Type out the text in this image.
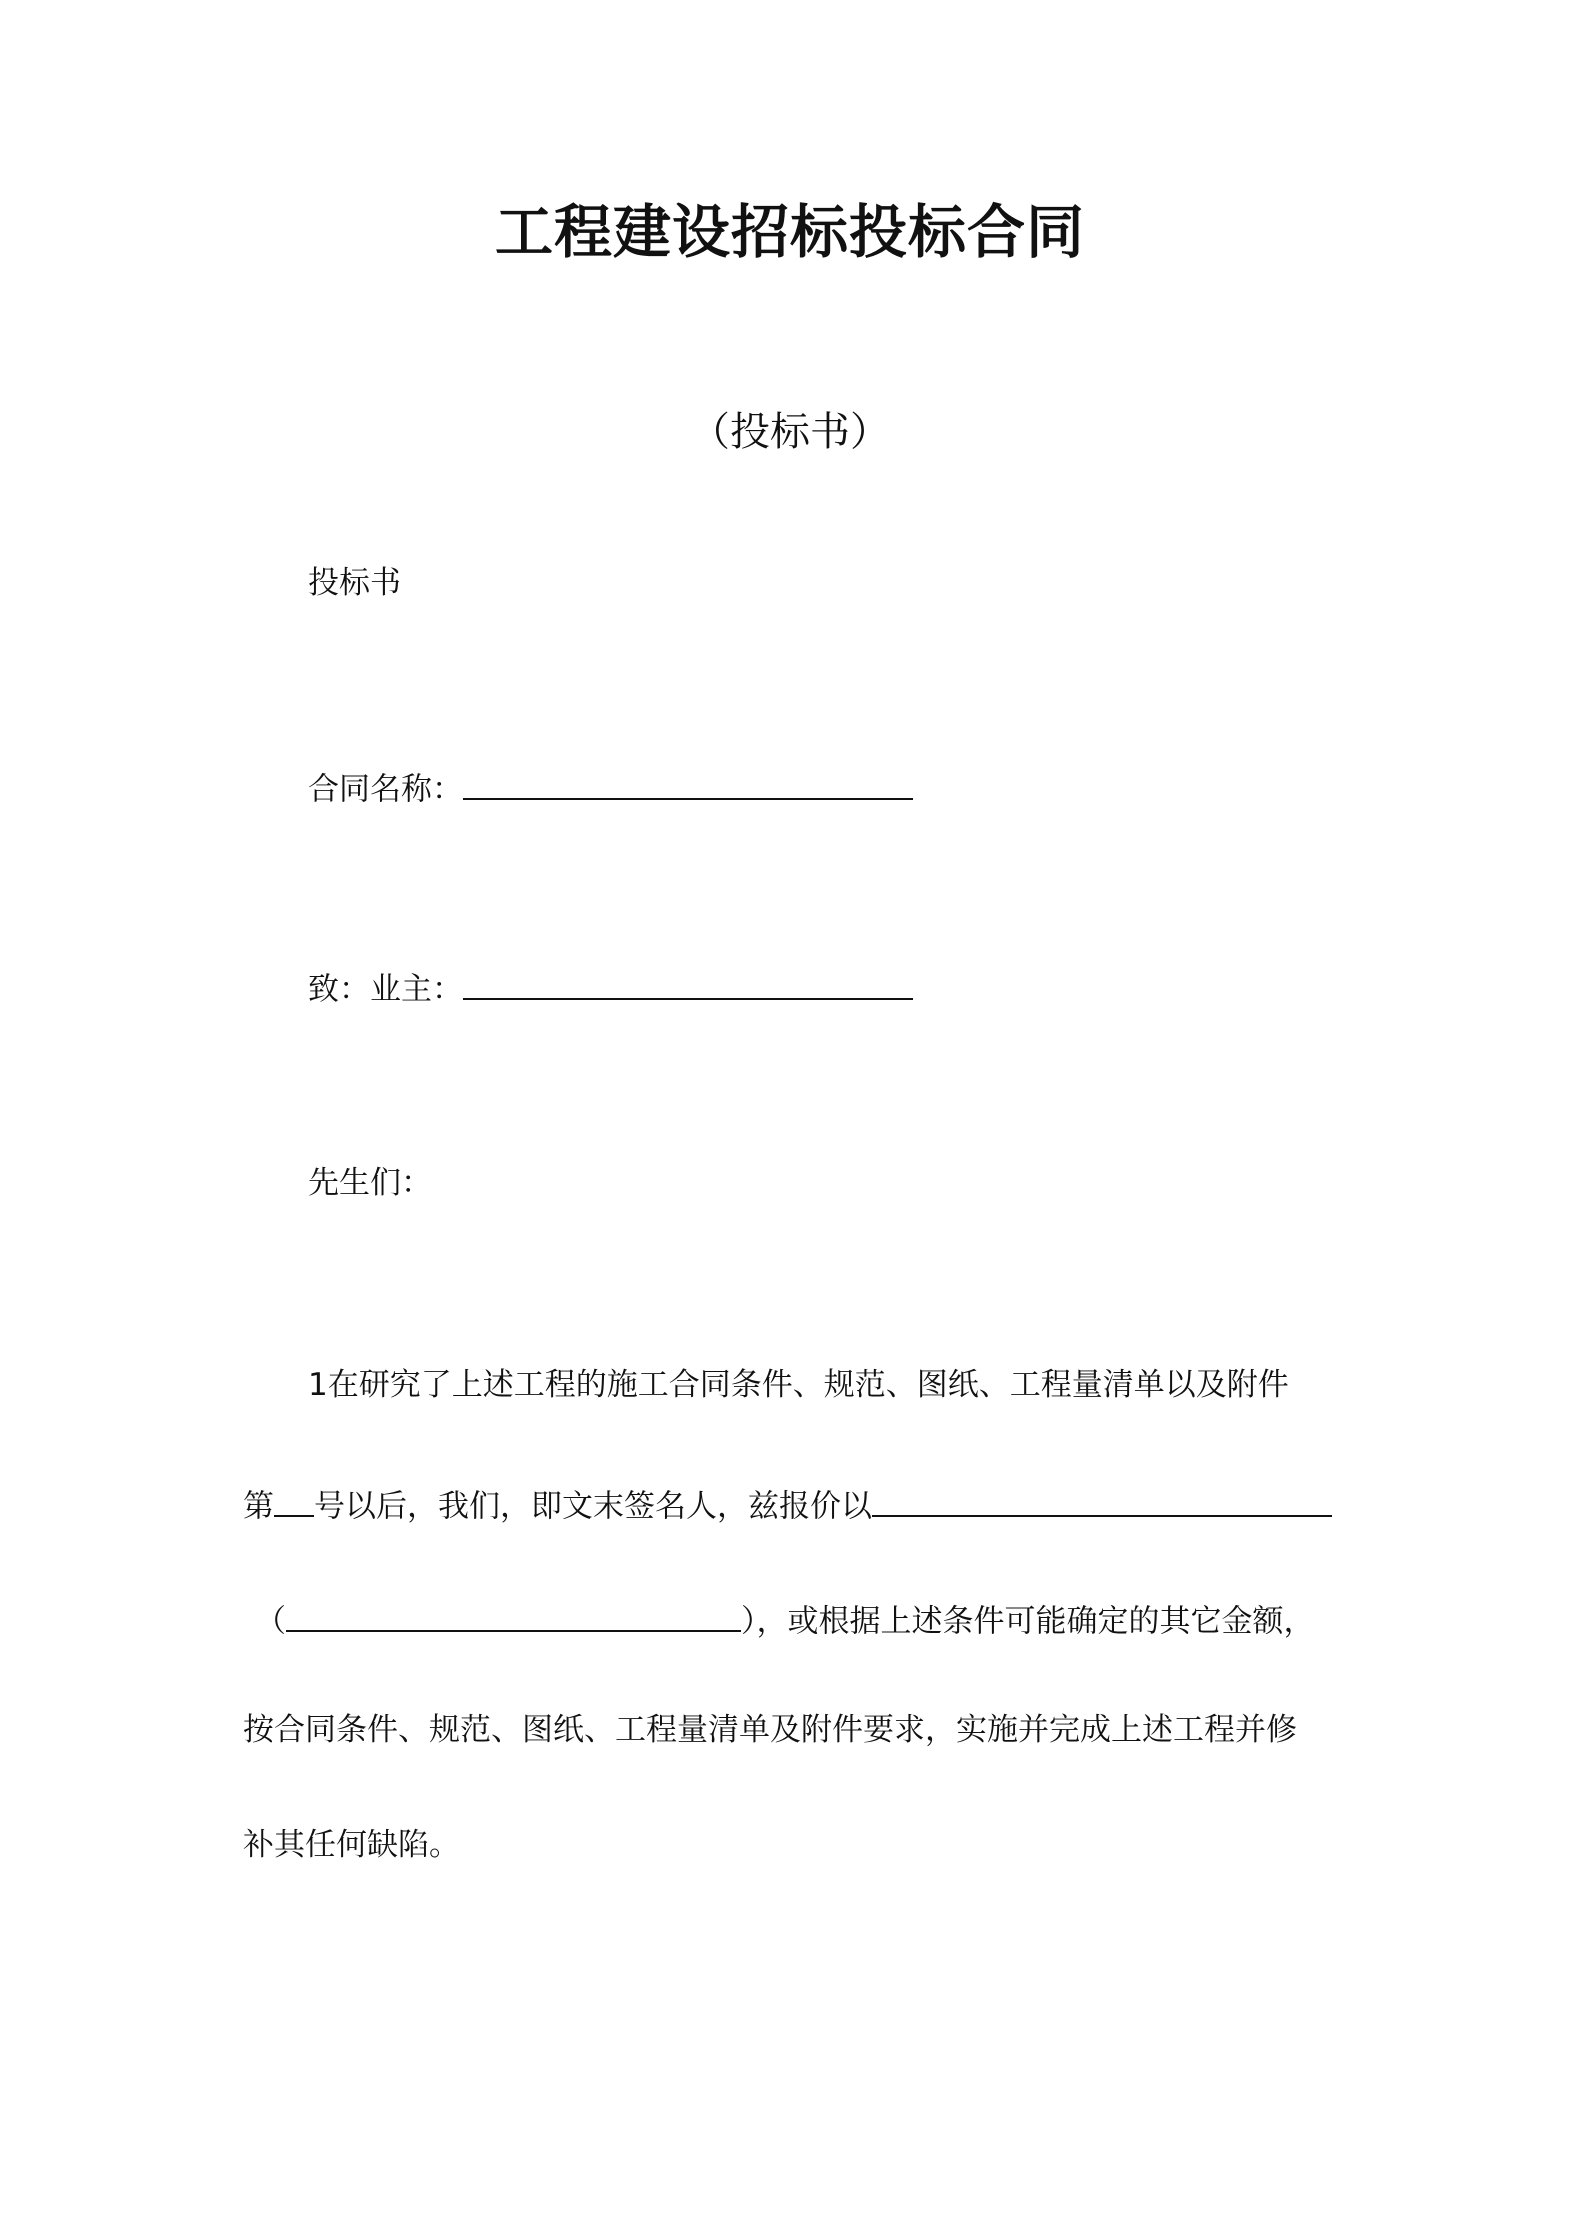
工程建设招标投标合同
（投标书）
投标书
合同名称：
致：业主：
先生们：
1在研究了上述工程的施工合同条件、规范、图纸、工程量清单以及附件
第 号以后，我们，即文末签名人，兹报价以
（	），或根据上述条件可能确定的其它金额，
按合同条件、规范、图纸、工程量清单及附件要求，实施并完成上述工程并修
补其任何缺陷。
